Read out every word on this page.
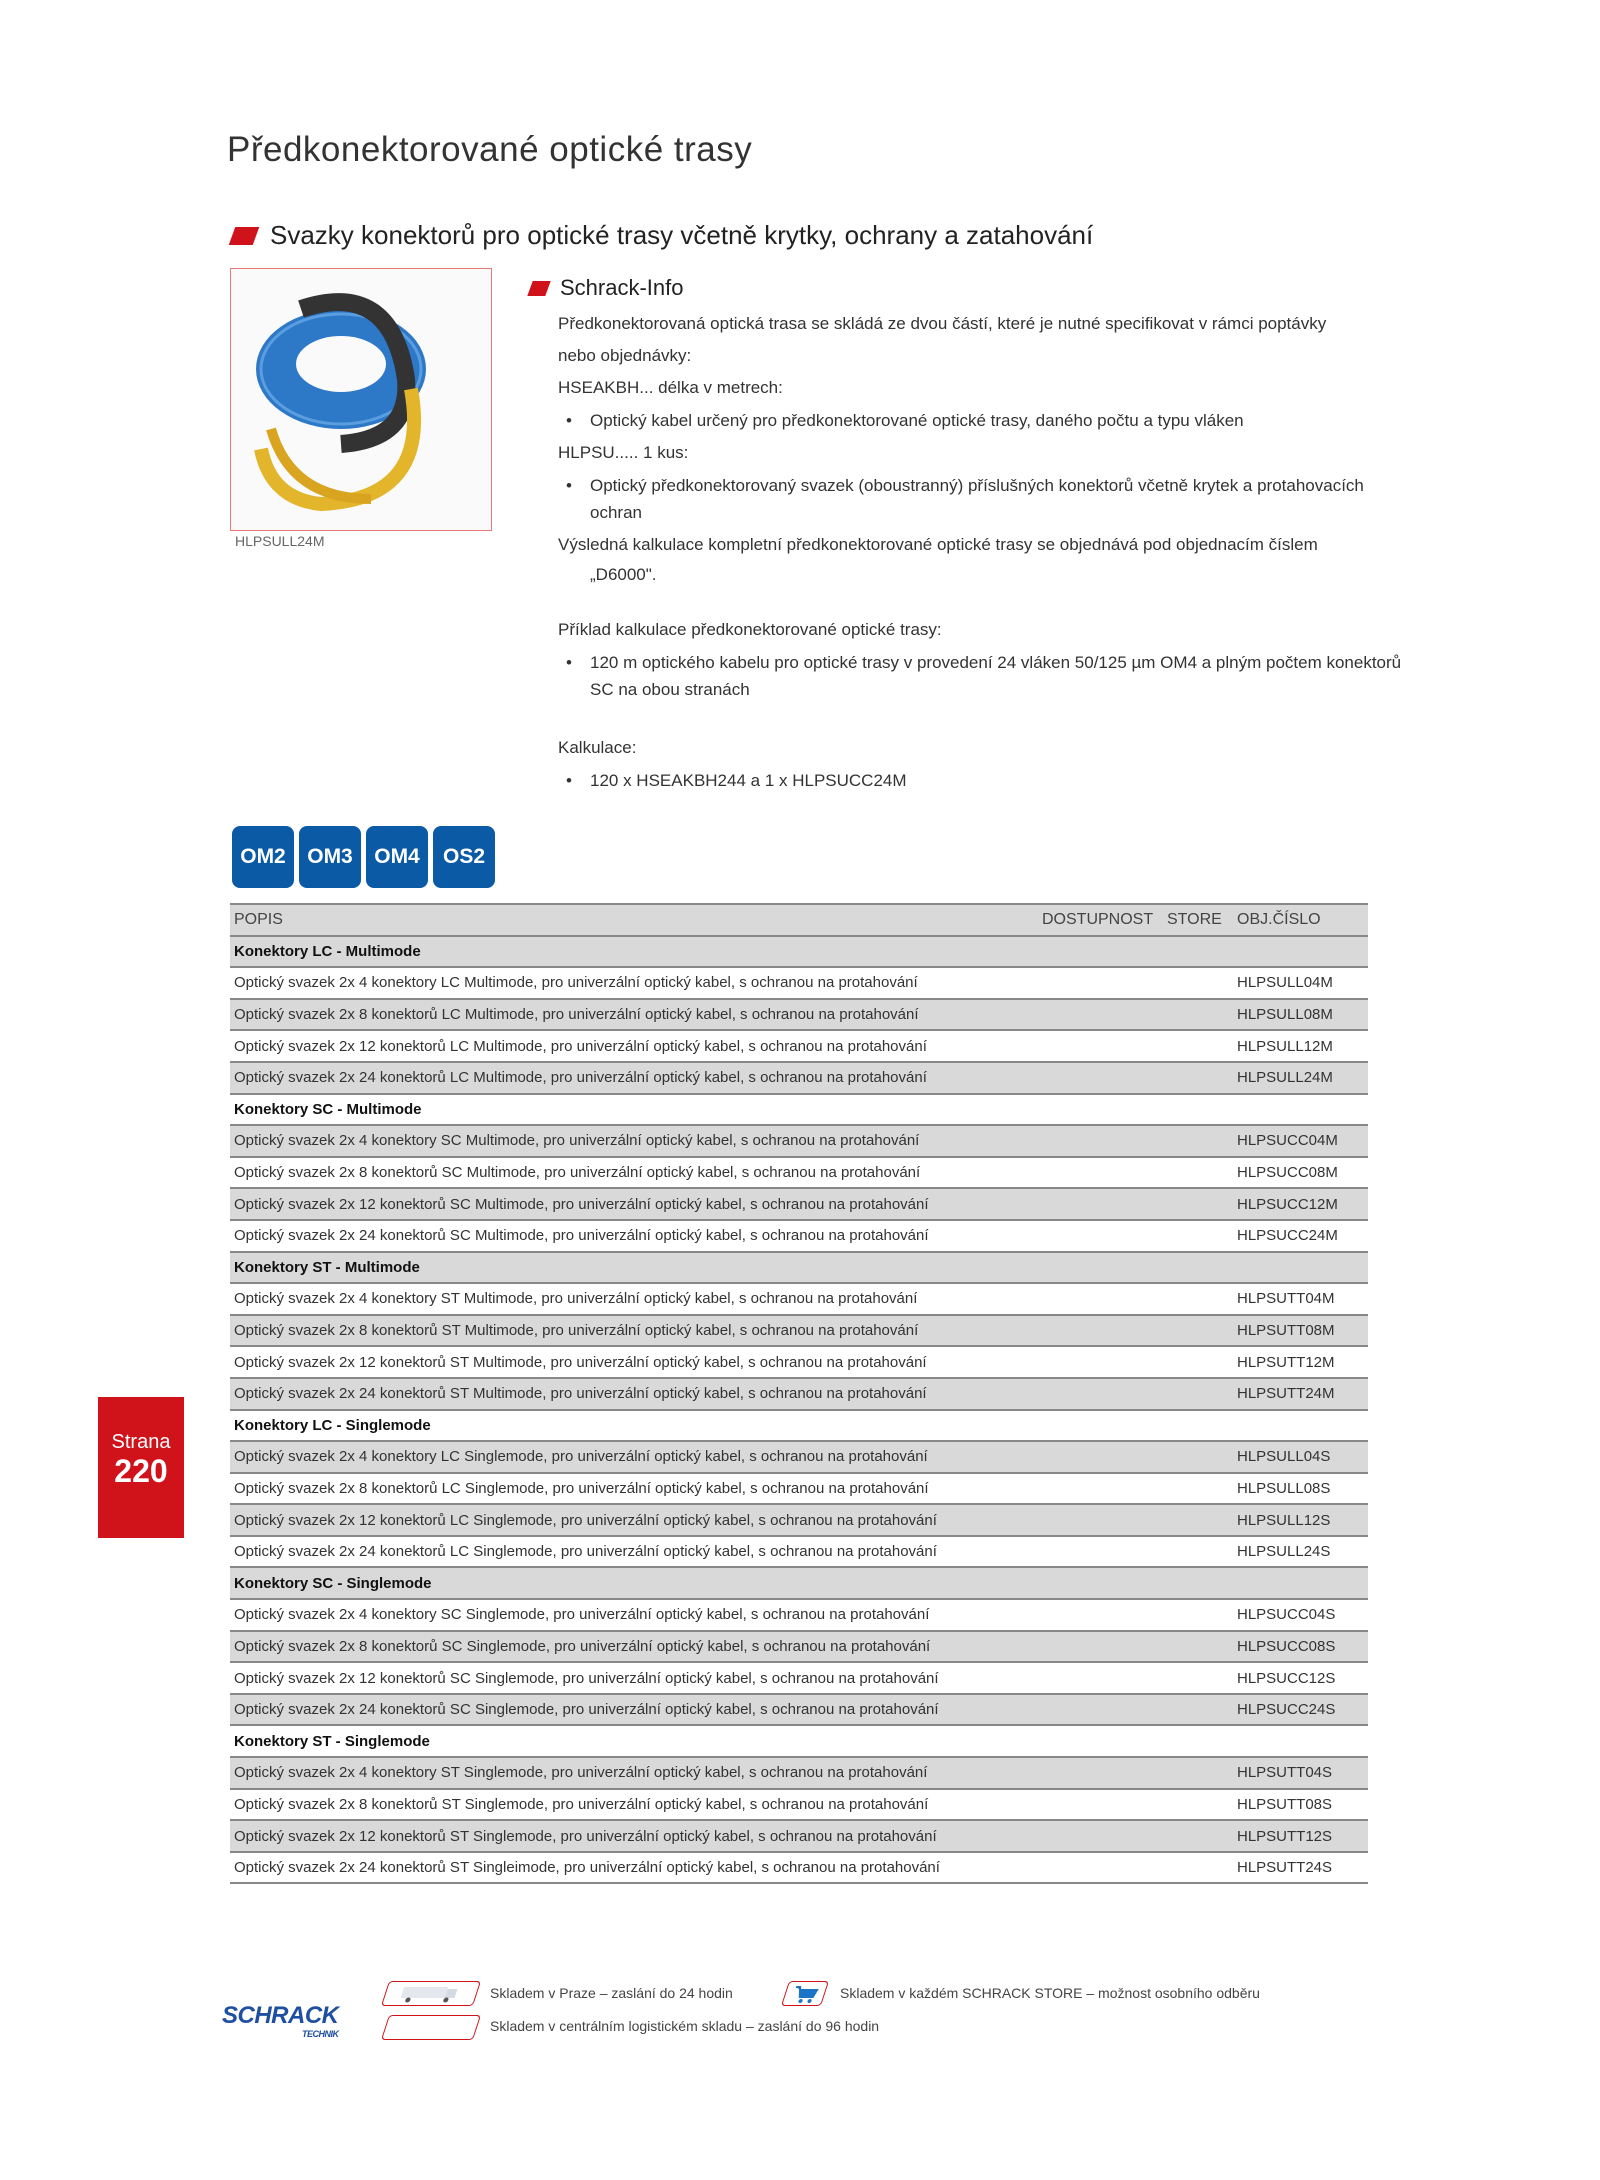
Předkonektorované optické trasy
Svazky konektorů pro optické trasy včetně krytky, ochrany a zatahování
HLPSULL24M
Schrack-Info

Předkonektorovaná optická trasa se skládá ze dvou částí, které je nutné specifikovat v rámci poptávky

nebo objednávky:

HSEAKBH... délka v metrech:

• Optický kabel určený pro předkonektorované optické trasy, daného počtu a typu vláken

HLPSU..... 1 kus:

• Optický předkonektorovaný svazek (oboustranný) příslušných konektorů včetně krytek a protahovacích ochran

Výsledná kalkulace kompletní předkonektorované optické trasy se objednává pod objednacím číslem

„D6000".

Příklad kalkulace předkonektorované optické trasy:

• 120 m optického kabelu pro optické trasy v provedení 24 vláken 50/125 µm OM4 a plným počtem konektorů SC na obou stranách

Kalkulace:

• 120 x HSEAKBH244 a 1 x HLPSUCC24M
OM2	OM3	OM4	OS2
POPIS	DOSTUPNOST	STORE	OBJ.ČÍSLO
Konektory LC - Multimode			
Optický svazek 2x 4 konektory LC Multimode, pro univerzální optický kabel, s ochranou na protahování			HLPSULL04M
Optický svazek 2x 8 konektorů LC Multimode, pro univerzální optický kabel, s ochranou na protahování			HLPSULL08M
Optický svazek 2x 12 konektorů LC Multimode, pro univerzální optický kabel, s ochranou na protahování			HLPSULL12M
Optický svazek 2x 24 konektorů LC Multimode, pro univerzální optický kabel, s ochranou na protahování			HLPSULL24M
Konektory SC - Multimode			
Optický svazek 2x 4 konektory SC Multimode, pro univerzální optický kabel, s ochranou na protahování			HLPSUCC04M
Optický svazek 2x 8 konektorů SC Multimode, pro univerzální optický kabel, s ochranou na protahování			HLPSUCC08M
Optický svazek 2x 12 konektorů SC Multimode, pro univerzální optický kabel, s ochranou na protahování			HLPSUCC12M
Optický svazek 2x 24 konektorů SC Multimode, pro univerzální optický kabel, s ochranou na protahování			HLPSUCC24M
Konektory ST - Multimode			
Optický svazek 2x 4 konektory ST Multimode, pro univerzální optický kabel, s ochranou na protahování			HLPSUTT04M
Optický svazek 2x 8 konektorů ST Multimode, pro univerzální optický kabel, s ochranou na protahování			HLPSUTT08M
Optický svazek 2x 12 konektorů ST Multimode, pro univerzální optický kabel, s ochranou na protahování			HLPSUTT12M
Optický svazek 2x 24 konektorů ST Multimode, pro univerzální optický kabel, s ochranou na protahování			HLPSUTT24M
Konektory LC - Singlemode			
Optický svazek 2x 4 konektory LC Singlemode, pro univerzální optický kabel, s ochranou na protahování			HLPSULL04S
Optický svazek 2x 8 konektorů LC Singlemode, pro univerzální optický kabel, s ochranou na protahování			HLPSULL08S
Optický svazek 2x 12 konektorů LC Singlemode, pro univerzální optický kabel, s ochranou na protahování			HLPSULL12S
Optický svazek 2x 24 konektorů LC Singlemode, pro univerzální optický kabel, s ochranou na protahování			HLPSULL24S
Konektory SC - Singlemode			
Optický svazek 2x 4 konektory SC Singlemode, pro univerzální optický kabel, s ochranou na protahování			HLPSUCC04S
Optický svazek 2x 8 konektorů SC Singlemode, pro univerzální optický kabel, s ochranou na protahování			HLPSUCC08S
Optický svazek 2x 12 konektorů SC Singlemode, pro univerzální optický kabel, s ochranou na protahování			HLPSUCC12S
Optický svazek 2x 24 konektorů SC Singlemode, pro univerzální optický kabel, s ochranou na protahování			HLPSUCC24S
Konektory ST - Singlemode			
Optický svazek 2x 4 konektory ST Singlemode, pro univerzální optický kabel, s ochranou na protahování			HLPSUTT04S
Optický svazek 2x 8 konektorů ST Singlemode, pro univerzální optický kabel, s ochranou na protahování			HLPSUTT08S
Optický svazek 2x 12 konektorů ST Singlemode, pro univerzální optický kabel, s ochranou na protahování			HLPSUTT12S
Optický svazek 2x 24 konektorů ST Singleimode, pro univerzální optický kabel, s ochranou na protahování			HLPSUTT24S
Strana
220
Skladem v Praze – zaslání do 24 hodin	Skladem v každém SCHRACK STORE – možnost osobního odběru
Skladem v centrálním logistickém skladu – zaslání do 96 hodin
SCHRACK
TECHNIK
